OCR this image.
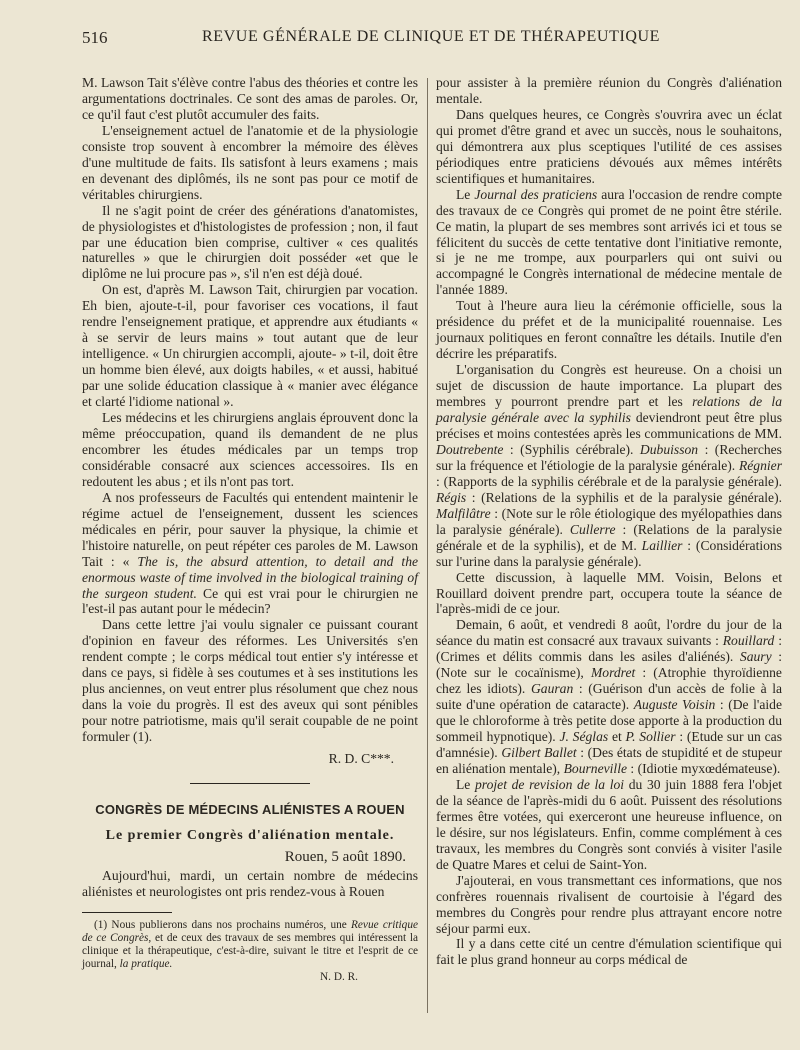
516	REVUE GÉNÉRALE DE CLINIQUE ET DE THÉRAPEUTIQUE

M. Lawson Tait s'élève contre l'abus des théories et contre les argumentations doctrinales. Ce sont des amas de paroles. Or, ce qu'il faut c'est plutôt accumuler des faits.

L'enseignement actuel de l'anatomie et de la physiologie consiste trop souvent à encombrer la mémoire des élèves d'une multitude de faits. Ils satisfont à leurs examens ; mais en devenant des diplômés, ils ne sont pas pour ce motif de véritables chirurgiens.

Il ne s'agit point de créer des générations d'anatomistes, de physiologistes et d'histologistes de profession ; non, il faut par une éducation bien comprise, cultiver « ces qualités naturelles » que le chirurgien doit posséder «et que le diplôme ne lui procure pas », s'il n'en est déjà doué.

On est, d'après M. Lawson Tait, chirurgien par vocation. Eh bien, ajoute-t-il, pour favoriser ces vocations, il faut rendre l'enseignement pratique, et apprendre aux étudiants « à se servir de leurs mains » tout autant que de leur intelligence. « Un chirurgien accompli, ajoute- » t-il, doit être un homme bien élevé, aux doigts habiles, « et aussi, habitué par une solide éducation classique à « manier avec élégance et clarté l'idiome national ».

Les médecins et les chirurgiens anglais éprouvent donc la même préoccupation, quand ils demandent de ne plus encombrer les études médicales par un temps trop considérable consacré aux sciences accessoires. Ils en redoutent les abus ; et ils n'ont pas tort.

A nos professeurs de Facultés qui entendent maintenir le régime actuel de l'enseignement, dussent les sciences médicales en périr, pour sauver la physique, la chimie et l'histoire naturelle, on peut répéter ces paroles de M. Lawson Tait : « The is, the absurd attention, to detail and the enormous waste of time involved in the biological training of the surgeon student. Ce qui est vrai pour le chirurgien ne l'est-il pas autant pour le médecin?

Dans cette lettre j'ai voulu signaler ce puissant courant d'opinion en faveur des réformes. Les Universités s'en rendent compte ; le corps médical tout entier s'y intéresse et dans ce pays, si fidèle à ses coutumes et à ses institutions les plus anciennes, on veut entrer plus résolument que chez nous dans la voie du progrès. Il est des aveux qui sont pénibles pour notre patriotisme, mais qu'il serait coupable de ne point formuler (1).

R. D. C***.

CONGRÈS DE MÉDECINS ALIÉNISTES A ROUEN
Le premier Congrès d'aliénation mentale.

Rouen, 5 août 1890.

Aujourd'hui, mardi, un certain nombre de médecins aliénistes et neurologistes ont pris rendez-vous à Rouen

(1) Nous publierons dans nos prochains numéros, une Revue critique de ce Congrès, et de ceux des travaux de ses membres qui intéressent la clinique et la thérapeutique, c'est-à-dire, suivant le titre et l'esprit de ce journal, la pratique.

N. D. R.

pour assister à la première réunion du Congrès d'aliénation mentale.

Dans quelques heures, ce Congrès s'ouvrira avec un éclat qui promet d'être grand et avec un succès, nous le souhaitons, qui démontrera aux plus sceptiques l'utilité de ces assises périodiques entre praticiens dévoués aux mêmes intérêts scientifiques et humanitaires.

Le Journal des praticiens aura l'occasion de rendre compte des travaux de ce Congrès qui promet de ne point être stérile. Ce matin, la plupart de ses membres sont arrivés ici et tous se félicitent du succès de cette tentative dont l'initiative remonte, si je ne me trompe, aux pourparlers qui ont suivi ou accompagné le Congrès international de médecine mentale de l'année 1889.

Tout à l'heure aura lieu la cérémonie officielle, sous la présidence du préfet et de la municipalité rouennaise. Les journaux politiques en feront connaître les détails. Inutile d'en décrire les préparatifs.

L'organisation du Congrès est heureuse. On a choisi un sujet de discussion de haute importance. La plupart des membres y pourront prendre part et les relations de la paralysie générale avec la syphilis deviendront peut être plus précises et moins contestées après les communications de MM. Doutrebente : (Syphilis cérébrale). Dubuisson : (Recherches sur la fréquence et l'étiologie de la paralysie générale). Régnier : (Rapports de la syphilis cérébrale et de la paralysie générale). Régis : (Relations de la syphilis et de la paralysie générale). Malfilâtre : (Note sur le rôle étiologique des myélopathies dans la paralysie générale). Cullerre : (Relations de la paralysie générale et de la syphilis), et de M. Laillier : (Considérations sur l'urine dans la paralysie générale).

Cette discussion, à laquelle MM. Voisin, Belons et Rouillard doivent prendre part, occupera toute la séance de l'après-midi de ce jour.

Demain, 6 août, et vendredi 8 août, l'ordre du jour de la séance du matin est consacré aux travaux suivants : Rouillard : (Crimes et délits commis dans les asiles d'aliénés). Saury : (Note sur le cocaïnisme), Mordret : (Atrophie thyroïdienne chez les idiots). Gauran : (Guérison d'un accès de folie à la suite d'une opération de cataracte). Auguste Voisin : (De l'aide que le chloroforme à très petite dose apporte à la production du sommeil hypnotique). J. Séglas et P. Sollier : (Etude sur un cas d'amnésie). Gilbert Ballet : (Des états de stupidité et de stupeur en aliénation mentale), Bourneville : (Idiotie myxœdémateuse).

Le projet de revision de la loi du 30 juin 1888 fera l'objet de la séance de l'après-midi du 6 août. Puissent des résolutions fermes être votées, qui exerceront une heureuse influence, on le désire, sur nos législateurs. Enfin, comme complément à ces travaux, les membres du Congrès sont conviés à visiter l'asile de Quatre Mares et celui de Saint-Yon.

J'ajouterai, en vous transmettant ces informations, que nos confrères rouennais rivalisent de courtoisie à l'égard des membres du Congrès pour rendre plus attrayant encore notre séjour parmi eux.

Il y a dans cette cité un centre d'émulation scientifique qui fait le plus grand honneur au corps médical de
